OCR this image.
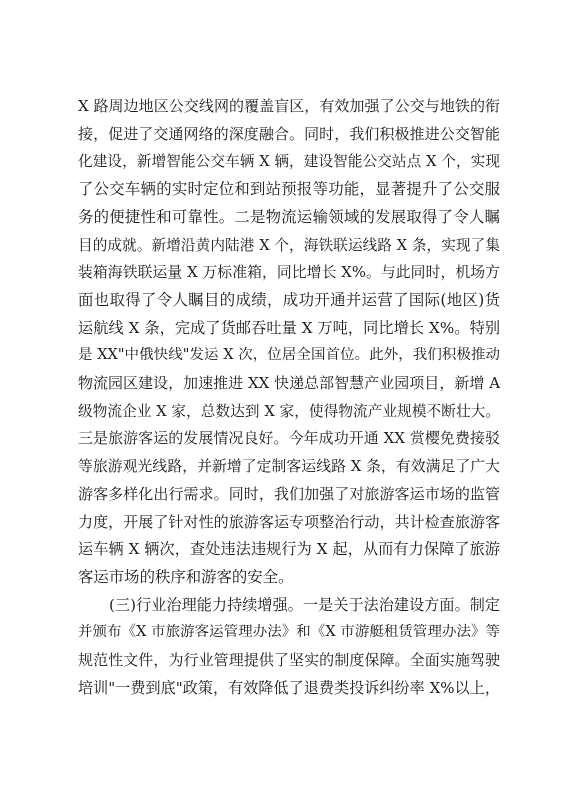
X 路周边地区公交线网的覆盖盲区，有效加强了公交与地铁的衔
接，促进了交通网络的深度融合。同时，我们积极推进公交智能
化建设，新增智能公交车辆 X 辆，建设智能公交站点 X 个，实现
了公交车辆的实时定位和到站预报等功能，显著提升了公交服
务的便捷性和可靠性。二是物流运输领域的发展取得了令人瞩
目的成就。新增沿黄内陆港 X 个，海铁联运线路 X 条，实现了集
装箱海铁联运量 X 万标准箱，同比增长 X%。与此同时，机场方
面也取得了令人瞩目的成绩，成功开通并运营了国际(地区)货
运航线 X 条，完成了货邮吞吐量 X 万吨，同比增长 X%。特别
是 XX"中俄快线"发运 X 次，位居全国首位。此外，我们积极推动
物流园区建设，加速推进 XX 快递总部智慧产业园项目，新增 A
级物流企业 X 家，总数达到 X 家，使得物流产业规模不断壮大。
三是旅游客运的发展情况良好。今年成功开通 XX 赏樱免费接驳
等旅游观光线路，并新增了定制客运线路 X 条，有效满足了广大
游客多样化出行需求。同时，我们加强了对旅游客运市场的监管
力度，开展了针对性的旅游客运专项整治行动，共计检查旅游客
运车辆 X 辆次，查处违法违规行为 X 起，从而有力保障了旅游
客运市场的秩序和游客的安全。
(三)行业治理能力持续增强。一是关于法治建设方面。制定
并颁布《X 市旅游客运管理办法》和《X 市游艇租赁管理办法》等
规范性文件，为行业管理提供了坚实的制度保障。全面实施驾驶
培训"一费到底"政策，有效降低了退费类投诉纠纷率 X%以上，
